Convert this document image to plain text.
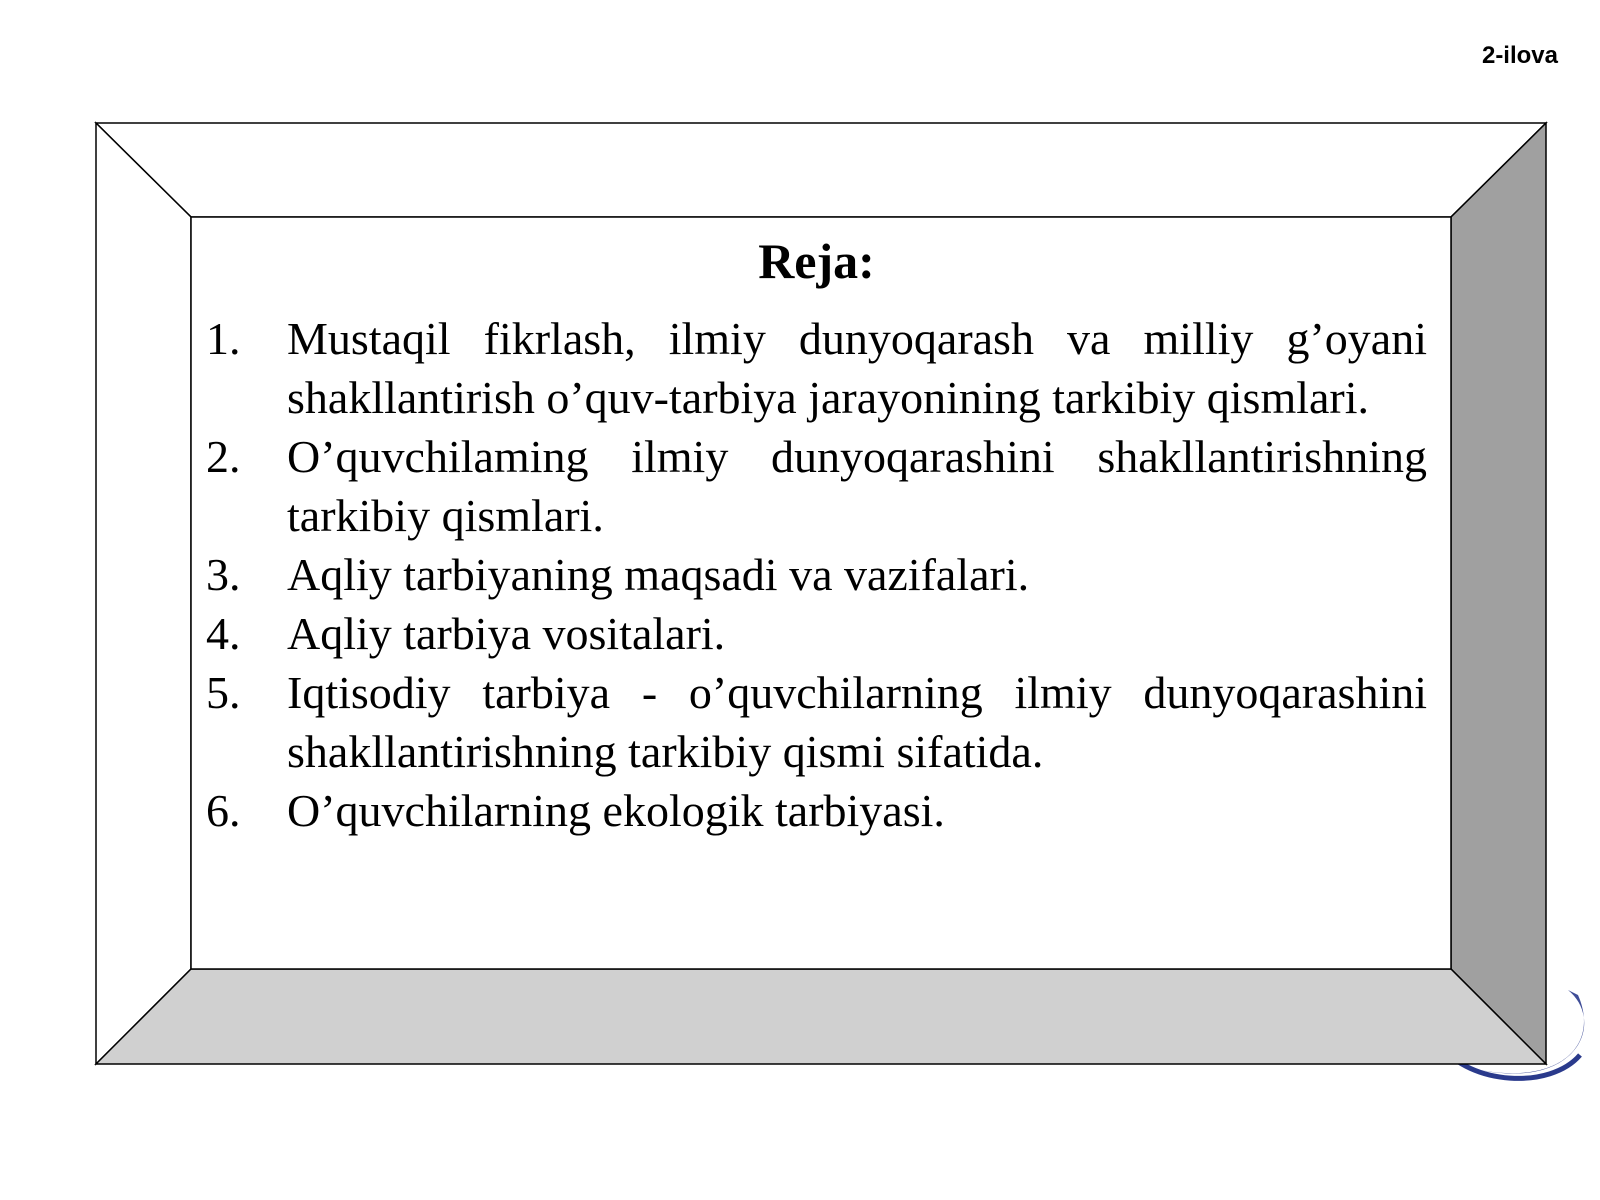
2-ilova
Reja:
1. Mustaqil fikrlash, ilmiy dunyoqarash va milliy g’oyani shakllantirish o’quv-tarbiya jarayonining tarkibiy qismlari.
2. O’quvchilaming ilmiy dunyoqarashini shakllantirishning tarkibiy qismlari.
3. Aqliy tarbiyaning maqsadi va vazifalari.
4. Aqliy tarbiya vositalari.
5. Iqtisodiy tarbiya - o’quvchilarning ilmiy dunyoqarashini shakllantirishning tarkibiy qismi sifatida.
6. O’quvchilarning ekologik tarbiyasi.
